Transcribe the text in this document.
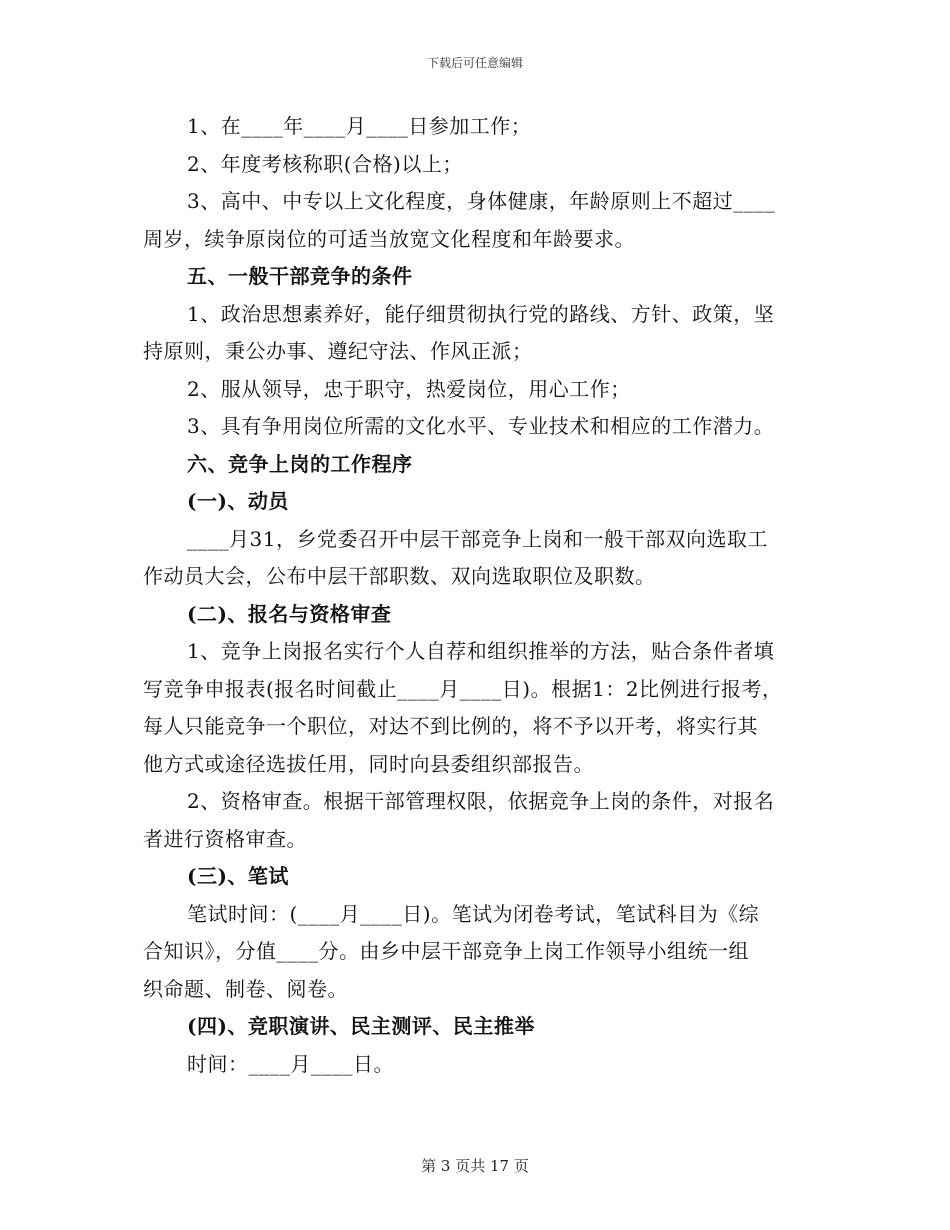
下载后可任意编辑
1、在____年____月____日参加工作；
2、年度考核称职(合格)以上；
3、高中、中专以上文化程度，身体健康，年龄原则上不超过____
周岁，续争原岗位的可适当放宽文化程度和年龄要求。
五、一般干部竞争的条件
1、政治思想素养好，能仔细贯彻执行党的路线、方针、政策，坚
持原则，秉公办事、遵纪守法、作风正派；
2、服从领导，忠于职守，热爱岗位，用心工作；
3、具有争用岗位所需的文化水平、专业技术和相应的工作潜力。
六、竞争上岗的工作程序
(一)、动员
____月31，乡党委召开中层干部竞争上岗和一般干部双向选取工
作动员大会，公布中层干部职数、双向选取职位及职数。
(二)、报名与资格审查
1、竞争上岗报名实行个人自荐和组织推举的方法，贴合条件者填
写竞争申报表(报名时间截止____月____日)。根据1：2比例进行报考，
每人只能竞争一个职位，对达不到比例的，将不予以开考，将实行其
他方式或途径选拔任用，同时向县委组织部报告。
2、资格审查。根据干部管理权限，依据竞争上岗的条件，对报名
者进行资格审查。
(三)、笔试
笔试时间：(____月____日)。笔试为闭卷考试，笔试科目为《综
合知识》，分值____分。由乡中层干部竞争上岗工作领导小组统一组
织命题、制卷、阅卷。
(四)、竞职演讲、民主测评、民主推举
时间：____月____日。
第 3 页共 17 页
